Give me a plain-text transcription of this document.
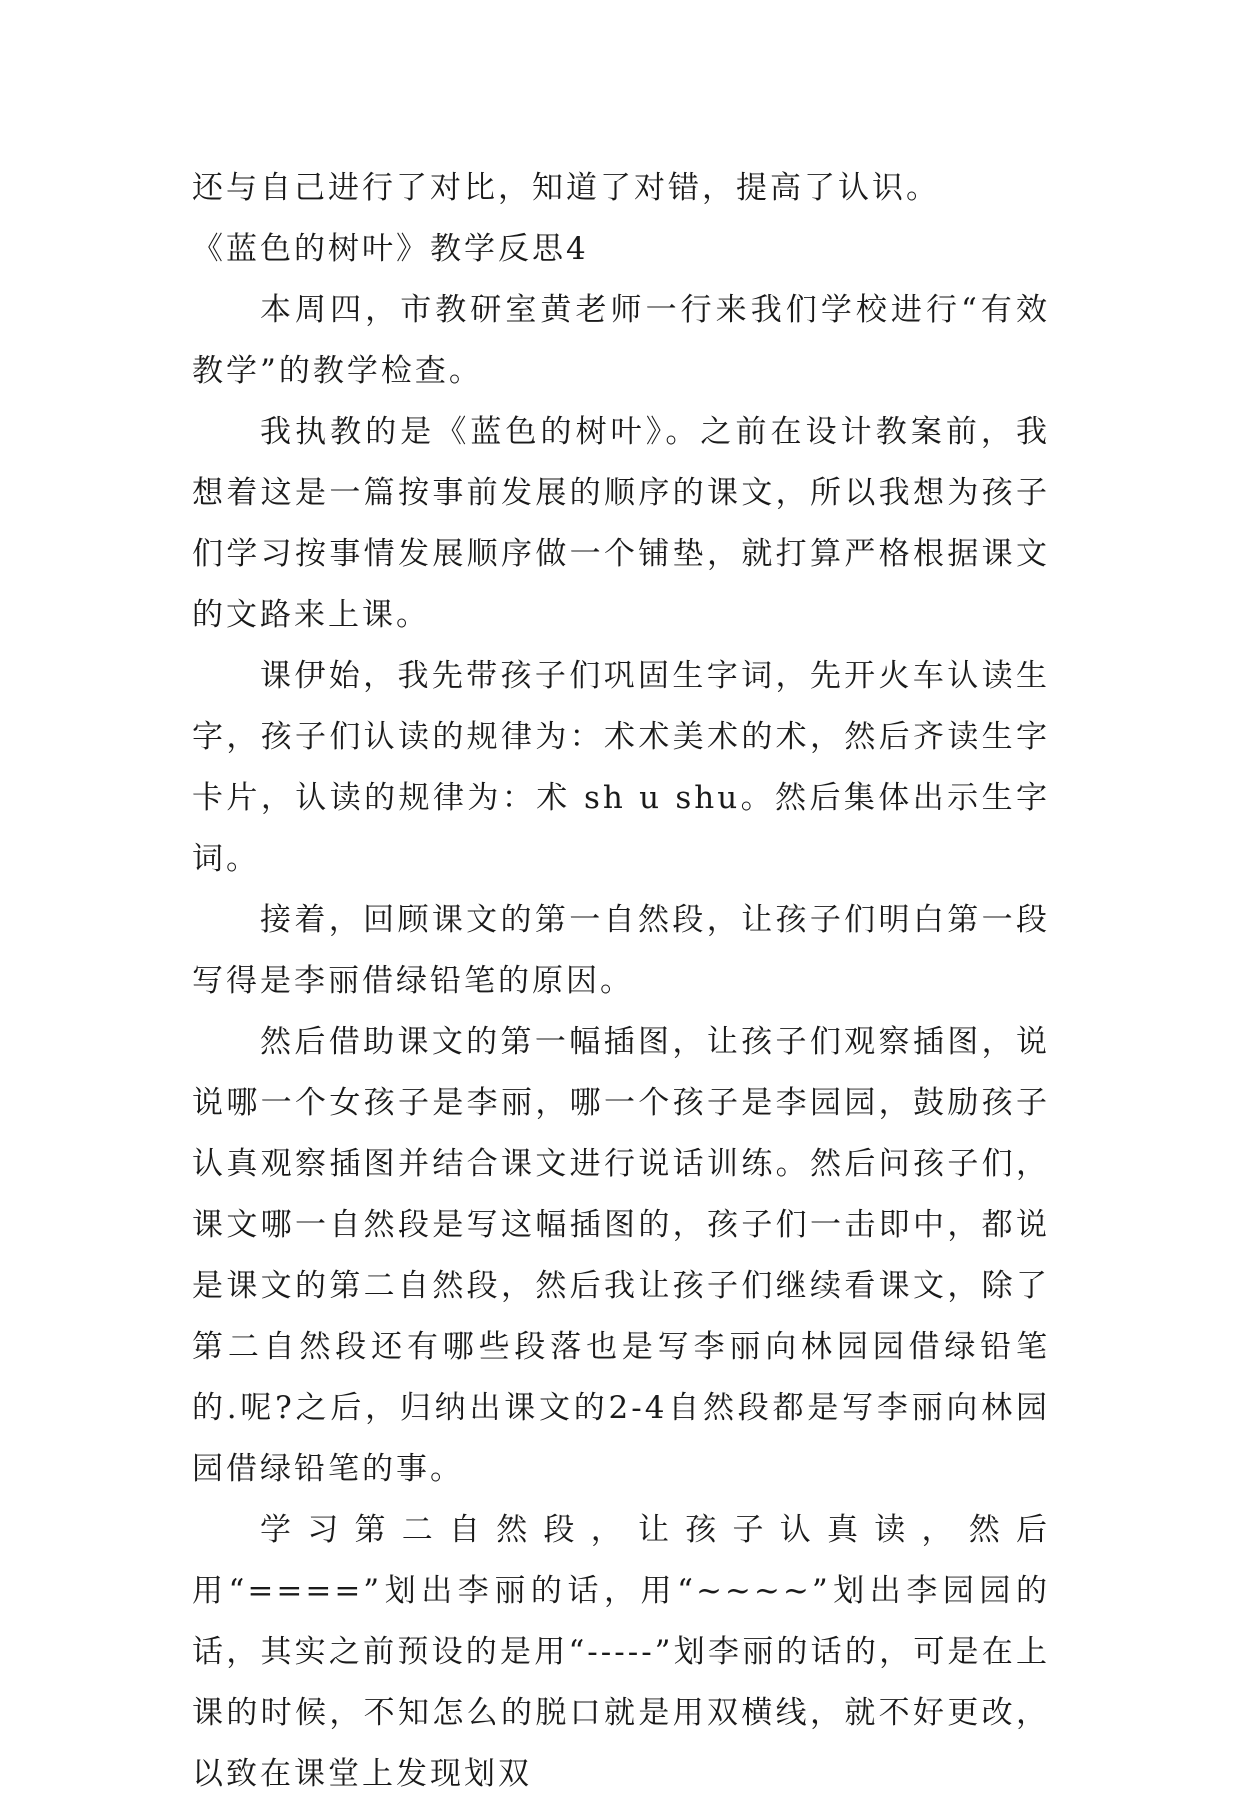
还与自己进行了对比，知道了对错，提高了认识。

《蓝色的树叶》教学反思4

本周四，市教研室黄老师一行来我们学校进行“有效教学”的教学检查。

我执教的是《蓝色的树叶》。之前在设计教案前，我想着这是一篇按事前发展的顺序的课文，所以我想为孩子们学习按事情发展顺序做一个铺垫，就打算严格根据课文的文路来上课。

课伊始，我先带孩子们巩固生字词，先开火车认读生字，孩子们认读的规律为：术术美术的术，然后齐读生字卡片，认读的规律为：术 sh u shu。然后集体出示生字词。

接着，回顾课文的第一自然段，让孩子们明白第一段写得是李丽借绿铅笔的原因。

然后借助课文的第一幅插图，让孩子们观察插图，说说哪一个女孩子是李丽，哪一个孩子是李园园，鼓励孩子认真观察插图并结合课文进行说话训练。然后问孩子们，课文哪一自然段是写这幅插图的，孩子们一击即中，都说是课文的第二自然段，然后我让孩子们继续看课文，除了第二自然段还有哪些段落也是写李丽向林园园借绿铅笔的.呢?之后，归纳出课文的2-4自然段都是写李丽向林园园借绿铅笔的事。

学习第二自然段，让孩子认真读，然后用“====”划出李丽的话，用“~~~~”划出李园园的话，其实之前预设的是用“-----”划李丽的话的，可是在上课的时候，不知怎么的脱口就是用双横线，就不好更改，以致在课堂上发现划双
